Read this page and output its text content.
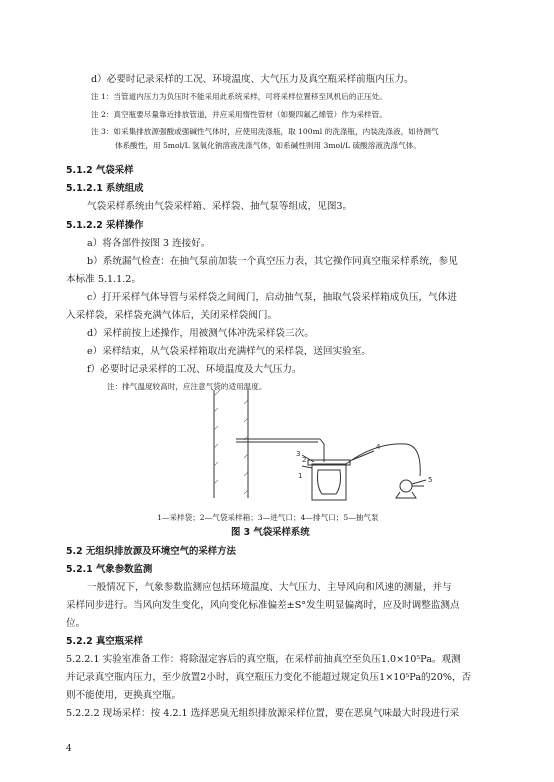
d）必要时记录采样的工况、环境温度、大气压力及真空瓶采样前瓶内压力。
注 1：当管道内压力为负压时不能采用此系统采样，可将采样位置移至风机后的正压处。
注 2：真空瓶要尽量靠近排放管道，并应采用惰性管材（如聚四氟乙烯管）作为采样管。
注 3：如采集排放源强酸或强碱性气体时，应使用洗涤瓶，取 100ml 的洗涤瓶，内装洗涤液，如待测气
体系酸性，用 5mol/L 氢氧化钠溶液洗涤气体，如系碱性则用 3mol/L 硫酸溶液洗涤气体。
5.1.2 气袋采样
5.1.2.1 系统组成
气袋采样系统由气袋采样箱、采样袋、抽气泵等组成，见图3。
5.1.2.2 采样操作
a）将各部件按图 3 连接好。
b）系统漏气检查：在抽气泵前加装一个真空压力表，其它操作同真空瓶采样系统，参见
本标准 5.1.1.2。
c）打开采样气体导管与采样袋之间阀门，启动抽气泵，抽取气袋采样箱成负压，气体进
入采样袋，采样袋充满气体后，关闭采样袋阀门。
d）采样前按上述操作，用被测气体冲洗采样袋三次。
e）采样结束，从气袋采样箱取出充满样气的采样袋，送回实验室。
f）必要时记录采样的工况、环境温度及大气压力。
注：排气温度较高时，应注意气袋的适用温度。
1
2
3
4
5
1—采样袋；2—气袋采样箱；3—进气口；4—排气口；5—抽气泵
图 3 气袋采样系统
5.2 无组织排放源及环境空气的采样方法
5.2.1 气象参数监测
一般情况下，气象参数监测应包括环境温度、大气压力、主导风向和风速的测量，并与
采样同步进行。当风向发生变化，风向变化标准偏差±S°发生明显偏离时，应及时调整监测点
位。
5.2.2 真空瓶采样
5.2.2.1 实验室准备工作：将除湿定容后的真空瓶，在采样前抽真空至负压1.0×10⁵Pa。观测
并记录真空瓶内压力，至少放置2小时，真空瓶压力变化不能超过规定负压1×10⁵Pa的20%，否
则不能使用，更换真空瓶。
5.2.2.2 现场采样：按 4.2.1 选择恶臭无组织排放源采样位置，要在恶臭气味最大时段进行采
4
